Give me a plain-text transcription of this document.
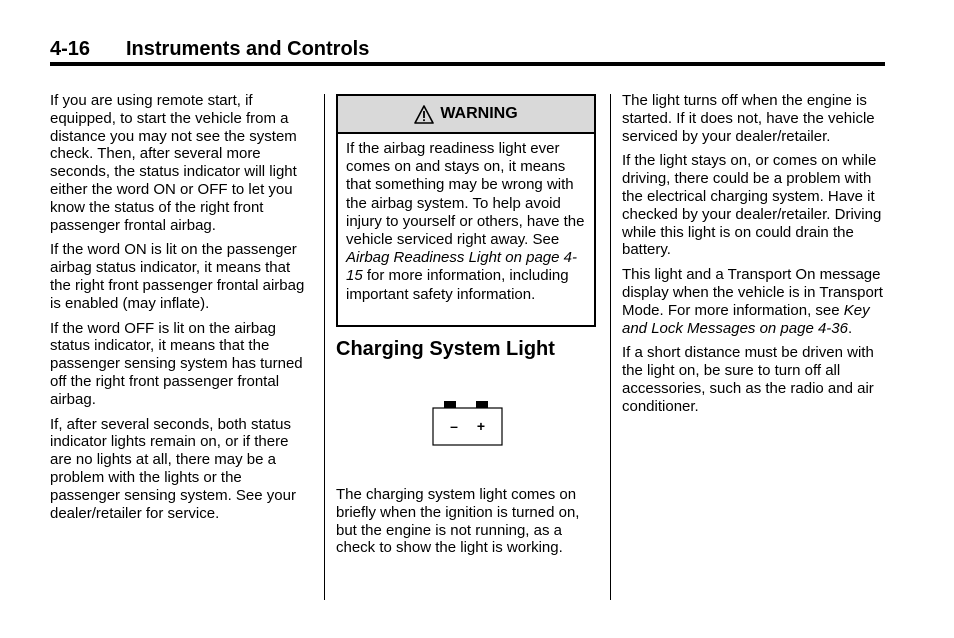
4-16 Instruments and Controls

If you are using remote start, if equipped, to start the vehicle from a distance you may not see the system check. Then, after several more seconds, the status indicator will light either the word ON or OFF to let you know the status of the right front passenger frontal airbag.

If the word ON is lit on the passenger airbag status indicator, it means that the right front passenger frontal airbag is enabled (may inflate).

If the word OFF is lit on the airbag status indicator, it means that the passenger sensing system has turned off the right front passenger frontal airbag.

If, after several seconds, both status indicator lights remain on, or if there are no lights at all, there may be a problem with the lights or the passenger sensing system. See your dealer/retailer for service.

WARNING
If the airbag readiness light ever comes on and stays on, it means that something may be wrong with the airbag system. To help avoid injury to yourself or others, have the vehicle serviced right away. See Airbag Readiness Light on page 4-15 for more information, including important safety information.
Charging System Light
– +
The charging system light comes on briefly when the ignition is turned on, but the engine is not running, as a check to show the light is working.

The light turns off when the engine is started. If it does not, have the vehicle serviced by your dealer/retailer.

If the light stays on, or comes on while driving, there could be a problem with the electrical charging system. Have it checked by your dealer/retailer. Driving while this light is on could drain the battery.

This light and a Transport On message display when the vehicle is in Transport Mode. For more information, see Key and Lock Messages on page 4-36.

If a short distance must be driven with the light on, be sure to turn off all accessories, such as the radio and air conditioner.
